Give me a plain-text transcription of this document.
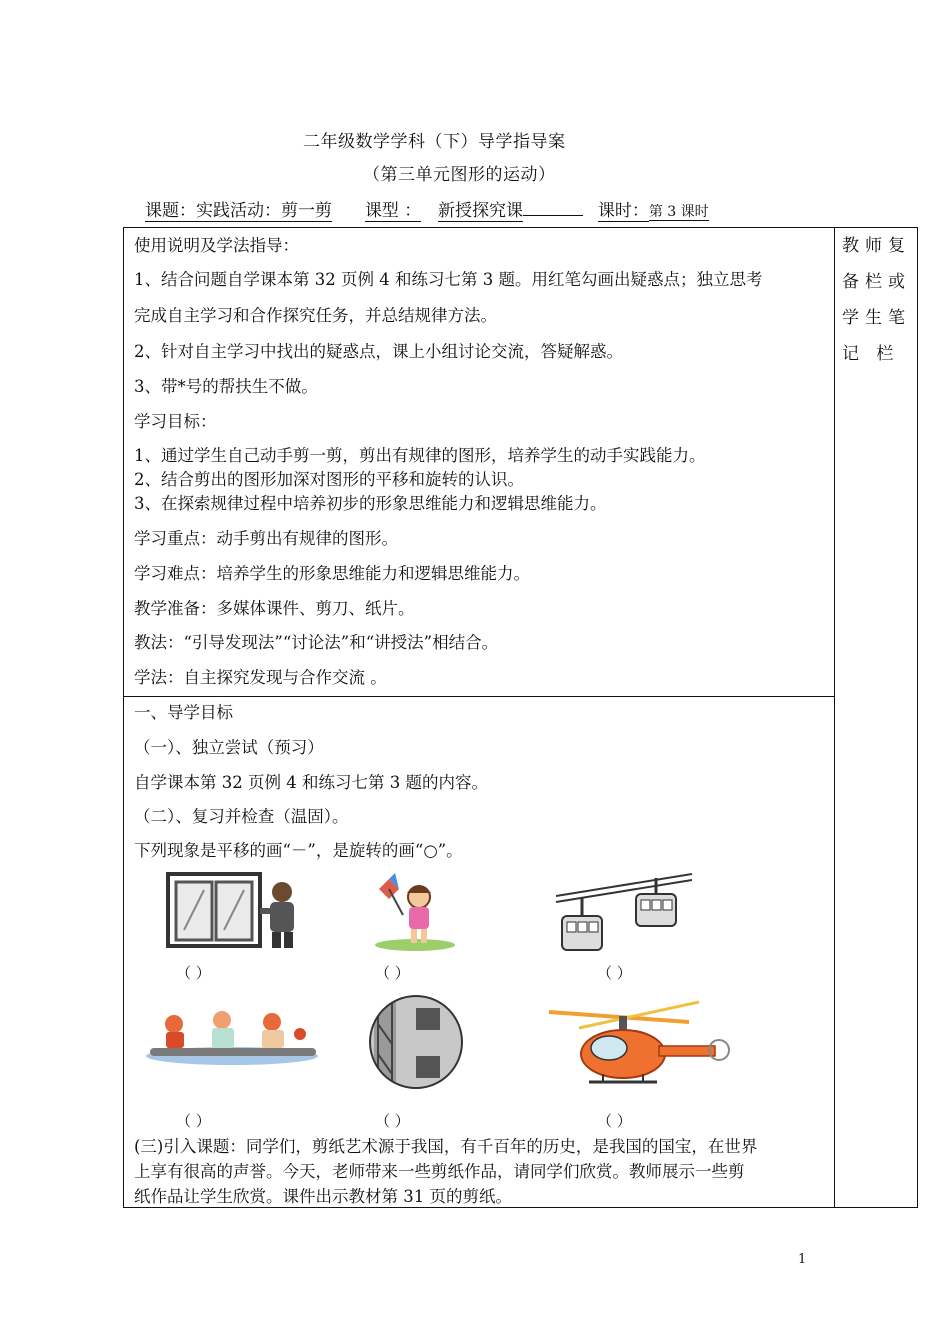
二年级数学学科（下）导学指导案
（第三单元图形的运动）
课题：实践活动：剪一剪 课型 ： 新授探究课	课时：第 3 课时
教师复
备栏或
学生笔
记 栏
使用说明及学法指导：
1、结合问题自学课本第 32 页例 4 和练习七第 3 题。用红笔勾画出疑惑点；独立思考
完成自主学习和合作探究任务，并总结规律方法。
2、针对自主学习中找出的疑惑点，课上小组讨论交流，答疑解惑。
3、带*号的帮扶生不做。
学习目标：
1、通过学生自己动手剪一剪，剪出有规律的图形，培养学生的动手实践能力。
2、结合剪出的图形加深对图形的平移和旋转的认识。
3、在探索规律过程中培养初步的形象思维能力和逻辑思维能力。
学习重点：动手剪出有规律的图形。
学习难点：培养学生的形象思维能力和逻辑思维能力。
教学准备：多媒体课件、剪刀、纸片。
教法：“引导发现法”“讨论法”和“讲授法”相结合。
学法：自主探究发现与合作交流 。
一、导学目标
（一）、独立尝试（预习）
自学课本第 32 页例 4 和练习七第 3 题的内容。
（二）、复习并检查（温固）。
下列现象是平移的画“－”，是旋转的画“○”。
（ ）	（ ）	（ ）
（ ）	（ ）	（ ）
(三)引入课题：同学们，剪纸艺术源于我国，有千百年的历史，是我国的国宝，在世界
上享有很高的声誉。今天，老师带来一些剪纸作品，请同学们欣赏。教师展示一些剪
纸作品让学生欣赏。课件出示教材第 31 页的剪纸。
1
